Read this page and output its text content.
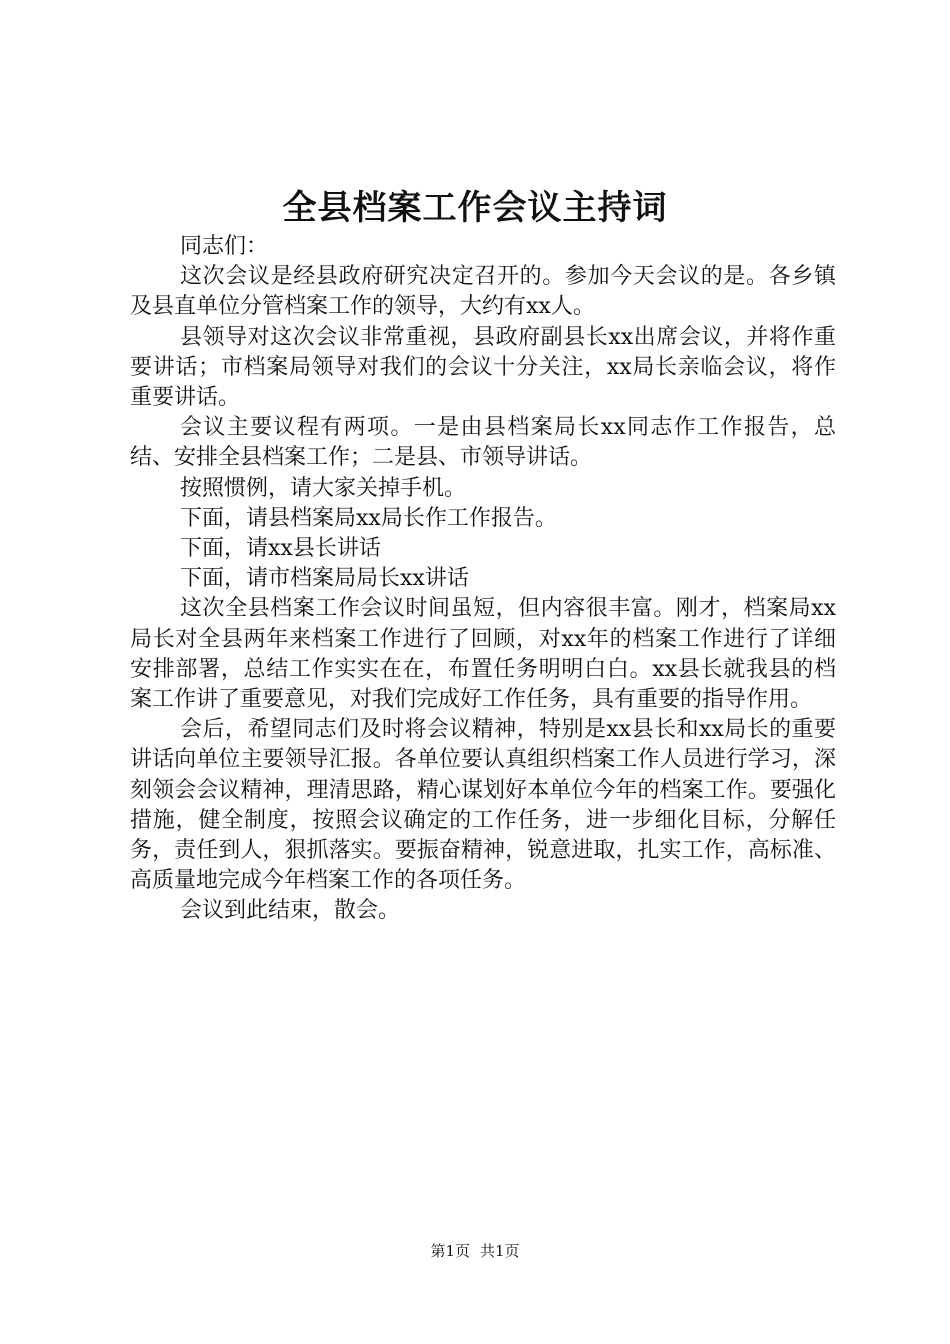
全县档案工作会议主持词

同志们：

这次会议是经县政府研究决定召开的。参加今天会议的是。各乡镇及县直单位分管档案工作的领导，大约有xx人。

县领导对这次会议非常重视，县政府副县长xx出席会议，并将作重要讲话；市档案局领导对我们的会议十分关注，xx局长亲临会议，将作重要讲话。

会议主要议程有两项。一是由县档案局长xx同志作工作报告，总结、安排全县档案工作；二是县、市领导讲话。

按照惯例，请大家关掉手机。

下面，请县档案局xx局长作工作报告。

下面，请xx县长讲话

下面，请市档案局局长xx讲话

这次全县档案工作会议时间虽短，但内容很丰富。刚才，档案局xx局长对全县两年来档案工作进行了回顾，对xx年的档案工作进行了详细安排部署，总结工作实实在在，布置任务明明白白。xx县长就我县的档案工作讲了重要意见，对我们完成好工作任务，具有重要的指导作用。

会后，希望同志们及时将会议精神，特别是xx县长和xx局长的重要讲话向单位主要领导汇报。各单位要认真组织档案工作人员进行学习，深刻领会会议精神，理清思路，精心谋划好本单位今年的档案工作。要强化措施，健全制度，按照会议确定的工作任务，进一步细化目标，分解任务，责任到人，狠抓落实。要振奋精神，锐意进取，扎实工作，高标准、高质量地完成今年档案工作的各项任务。

会议到此结束，散会。

第1页 共1页
